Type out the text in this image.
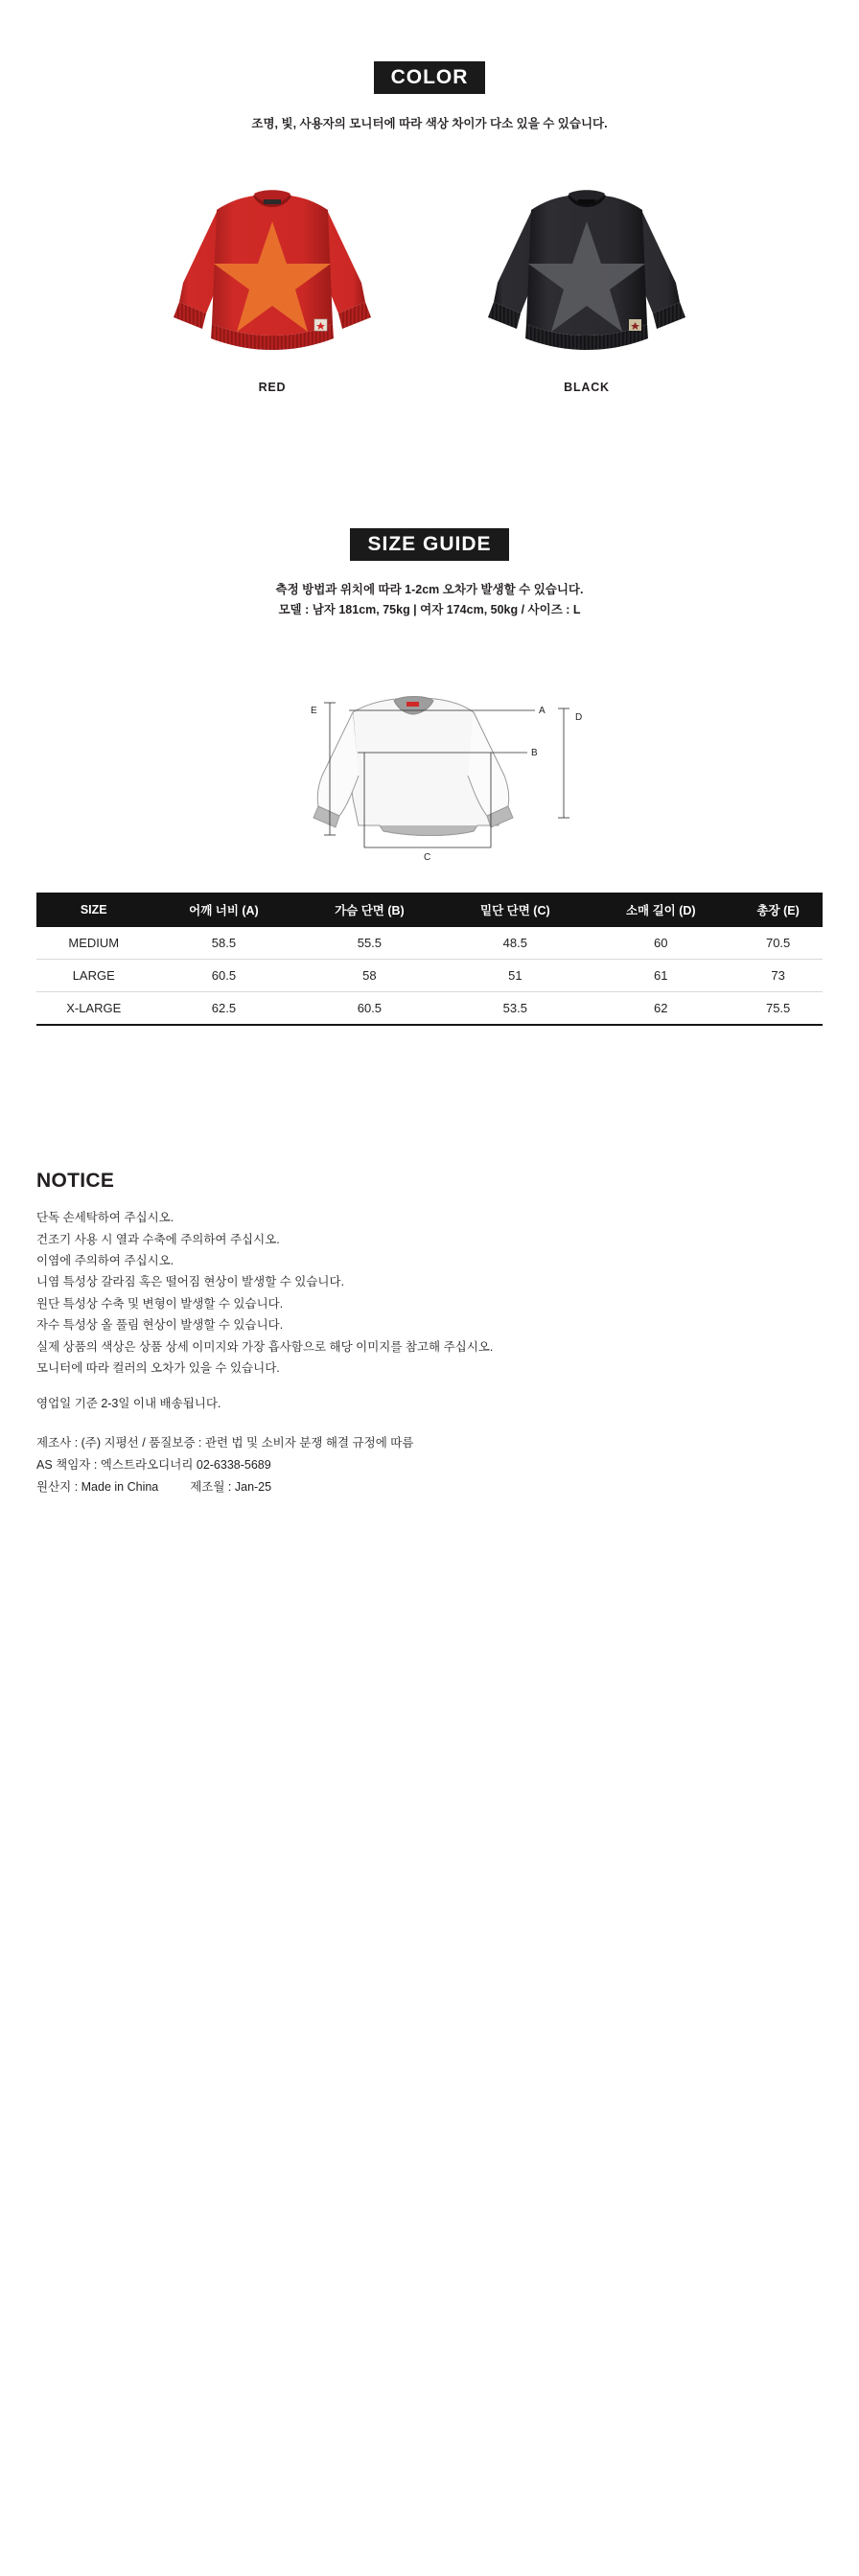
COLOR
조명, 빛, 사용자의 모니터에 따라 색상 차이가 다소 있을 수 있습니다.
RED	BLACK
SIZE GUIDE
측정 방법과 위치에 따라 1-2cm 오차가 발생할 수 있습니다.
모델 : 남자 181cm, 75kg | 여자 174cm, 50kg / 사이즈 : L
A
B
C
D
E
SIZE	어깨 너비 (A)	가슴 단면 (B)	밑단 단면 (C)	소매 길이 (D)	총장 (E)
MEDIUM	58.5	55.5	48.5	60	70.5
LARGE	60.5	58	51	61	73
X-LARGE	62.5	60.5	53.5	62	75.5
NOTICE

단독 손세탁하여 주십시오.

건조기 사용 시 열과 수축에 주의하여 주십시오.

이염에 주의하여 주십시오.

니염 특성상 갈라짐 혹은 떨어짐 현상이 발생할 수 있습니다.

원단 특성상 수축 및 변형이 발생할 수 있습니다.

자수 특성상 올 풀림 현상이 발생할 수 있습니다.

실제 상품의 색상은 상품 상세 이미지와 가장 흡사함으로 해당 이미지를 참고해 주십시오.

모니터에 따라 컬러의 오차가 있을 수 있습니다.

영업일 기준 2-3일 이내 배송됩니다.

제조사 : (주) 지평선 / 품질보증 : 관련 법 및 소비자 분쟁 해결 규정에 따름

AS 책임자 : 엑스트라오디너리 02-6338-5689

원산지 : Made in China	제조월 : Jan-25
